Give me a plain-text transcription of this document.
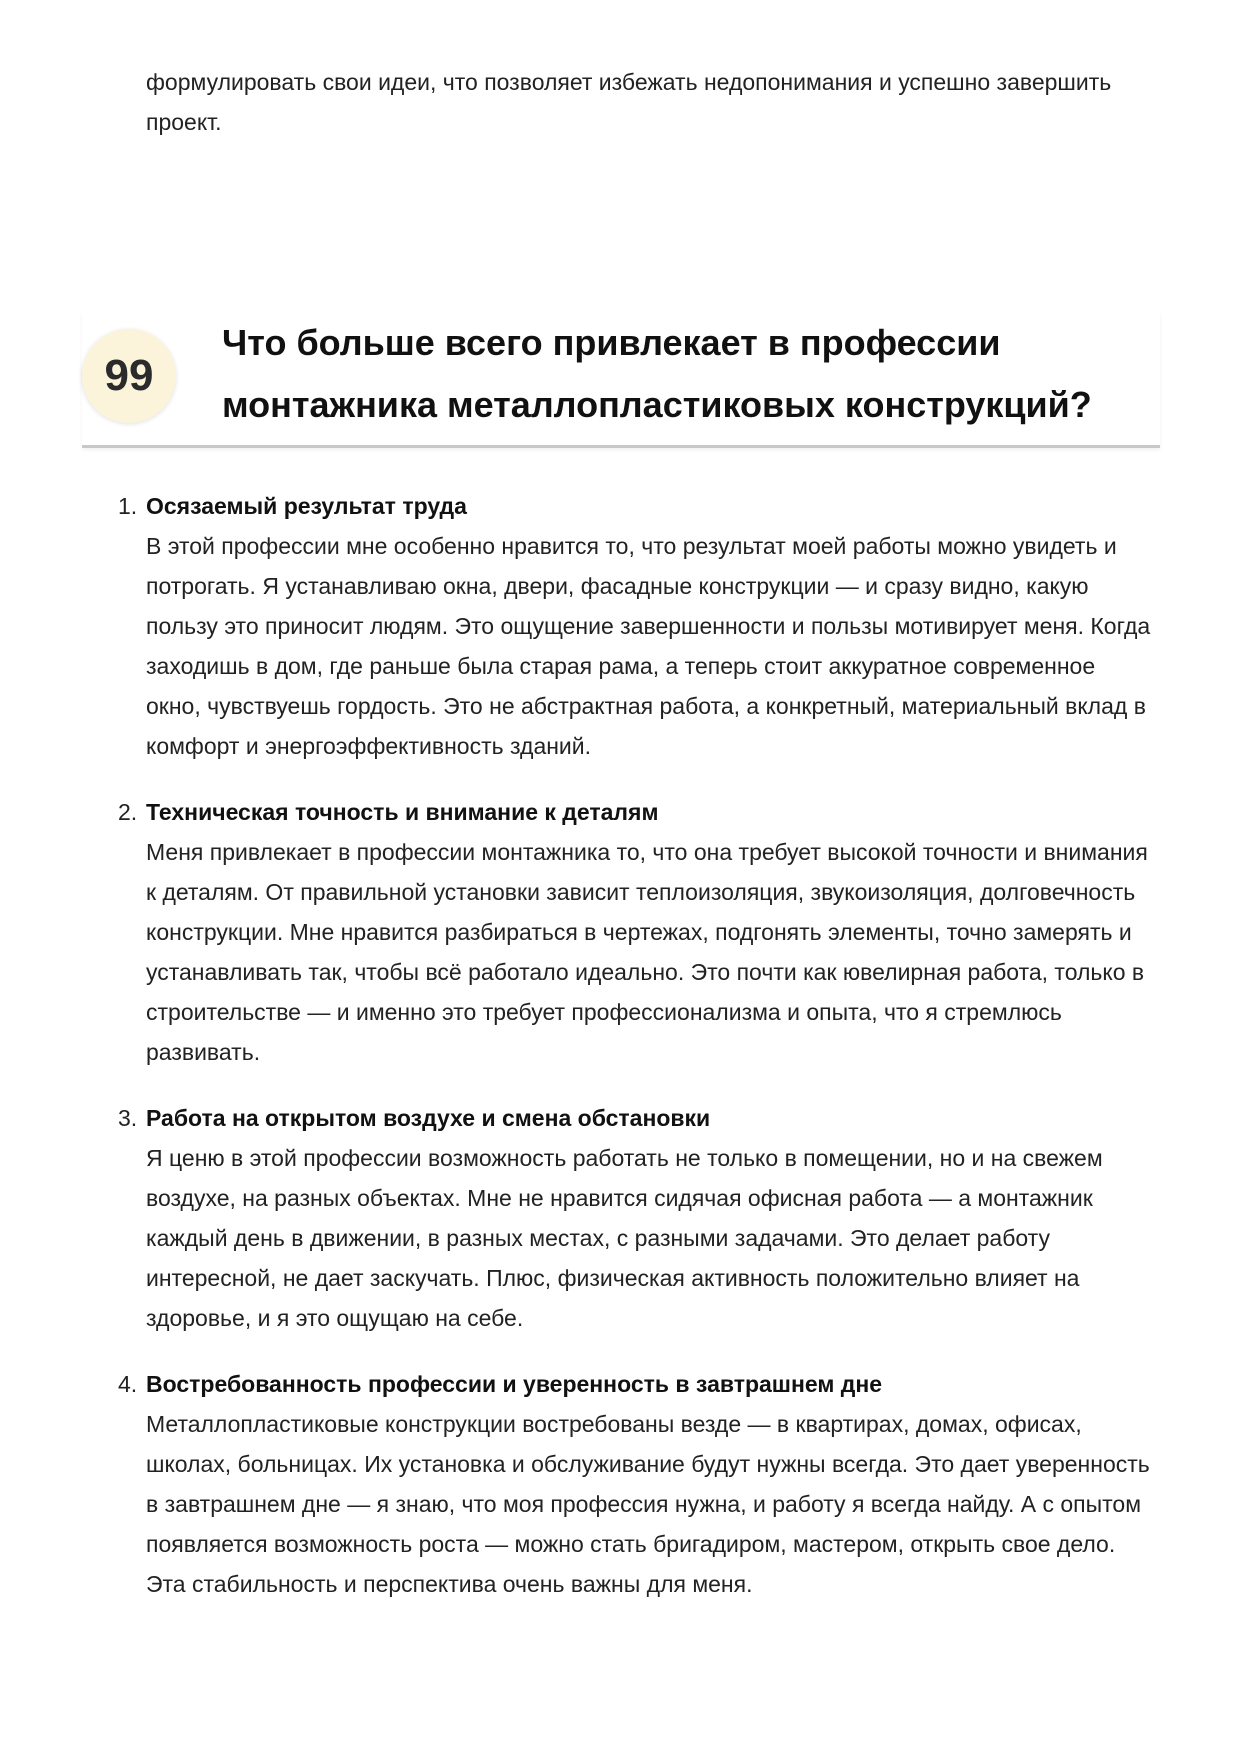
формулировать свои идеи, что позволяет избежать недопонимания и успешно завершить проект.

99
Что больше всего привлекает в профессии монтажника металлопластиковых конструкций?
1. Осязаемый результат труда
В этой профессии мне особенно нравится то, что результат моей работы можно увидеть и потрогать. Я устанавливаю окна, двери, фасадные конструкции — и сразу видно, какую пользу это приносит людям. Это ощущение завершенности и пользы мотивирует меня. Когда заходишь в дом, где раньше была старая рама, а теперь стоит аккуратное современное окно, чувствуешь гордость. Это не абстрактная работа, а конкретный, материальный вклад в комфорт и энергоэффективность зданий.
2. Техническая точность и внимание к деталям
Меня привлекает в профессии монтажника то, что она требует высокой точности и внимания к деталям. От правильной установки зависит теплоизоляция, звукоизоляция, долговечность конструкции. Мне нравится разбираться в чертежах, подгонять элементы, точно замерять и устанавливать так, чтобы всё работало идеально. Это почти как ювелирная работа, только в строительстве — и именно это требует профессионализма и опыта, что я стремлюсь развивать.
3. Работа на открытом воздухе и смена обстановки
Я ценю в этой профессии возможность работать не только в помещении, но и на свежем воздухе, на разных объектах. Мне не нравится сидячая офисная работа — а монтажник каждый день в движении, в разных местах, с разными задачами. Это делает работу интересной, не дает заскучать. Плюс, физическая активность положительно влияет на здоровье, и я это ощущаю на себе.
4. Востребованность профессии и уверенность в завтрашнем дне
Металлопластиковые конструкции востребованы везде — в квартирах, домах, офисах, школах, больницах. Их установка и обслуживание будут нужны всегда. Это дает уверенность в завтрашнем дне — я знаю, что моя профессия нужна, и работу я всегда найду. А с опытом появляется возможность роста — можно стать бригадиром, мастером, открыть свое дело. Эта стабильность и перспектива очень важны для меня.
